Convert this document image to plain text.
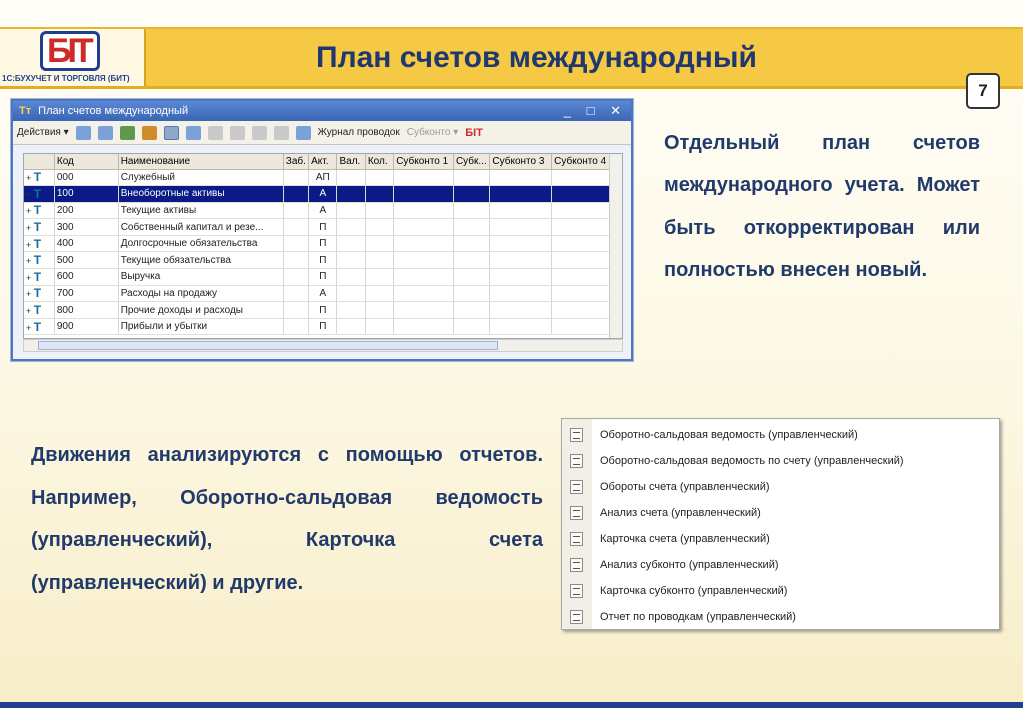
БIT
1С:БУХУЧЕТ И ТОРГОВЛЯ (БИТ)
План счетов международный
7
Тт План счетов международный	_ □ ✕
Действия ▾	Журнал проводок Субконто ▾ БIT
	Код	Наименование	Заб.	Акт.	Вал.	Кол.	Субконто 1	Субк...	Субконто 3	Субконто 4
+ T	000	Служебный		АП						
+ T	100	Внеоборотные активы		А						
+ T	200	Текущие активы		А						
+ T	300	Собственный капитал и резе...		П						
+ T	400	Долгосрочные обязательства		П						
+ T	500	Текущие обязательства		П						
+ T	600	Выручка		П						
+ T	700	Расходы на продажу		А						
+ T	800	Прочие доходы и расходы		П						
+ T	900	Прибыли и убытки		П						
Отдельный план счетов международного учета. Может быть откорректирован или полностью внесен новый.
Движения анализируются с помощью отчетов. Например, Оборотно-сальдовая ведомость (управленческий), Карточка счета (управленческий) и другие.
Оборотно-сальдовая ведомость (управленческий)
Оборотно-сальдовая ведомость по счету (управленческий)
Обороты счета (управленческий)
Анализ счета (управленческий)
Карточка счета (управленческий)
Анализ субконто (управленческий)
Карточка субконто (управленческий)
Отчет по проводкам (управленческий)
